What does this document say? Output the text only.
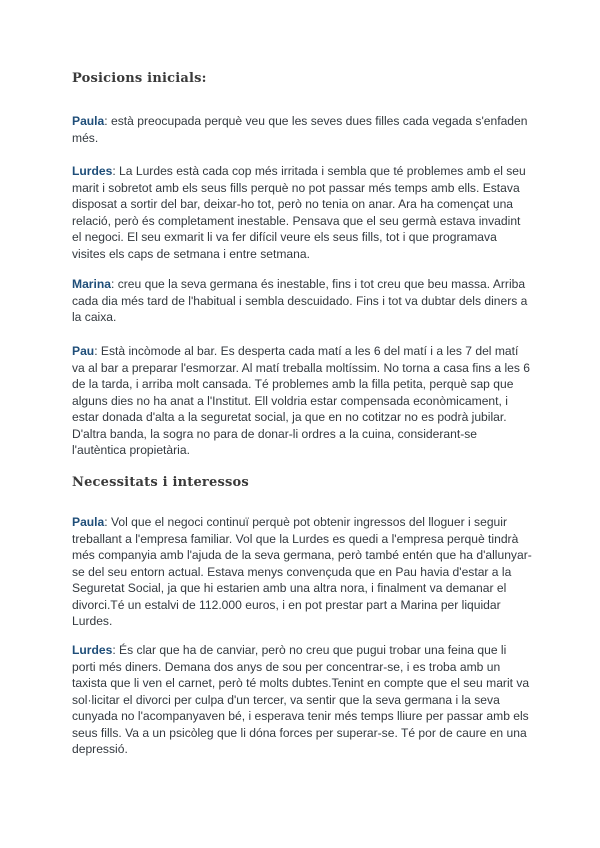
Posicions inicials:

Paula: està preocupada perquè veu que les seves dues filles cada vegada s'enfaden més.

Lurdes: La Lurdes està cada cop més irritada i sembla que té problemes amb el seu marit i sobretot amb els seus fills perquè no pot passar més temps amb ells. Estava disposat a sortir del bar, deixar-ho tot, però no tenia on anar. Ara ha començat una relació, però és completament inestable. Pensava que el seu germà estava invadint el negoci. El seu exmarit li va fer difícil veure els seus fills, tot i que programava visites els caps de setmana i entre setmana.

Marina: creu que la seva germana és inestable, fins i tot creu que beu massa. Arriba cada dia més tard de l'habitual i sembla descuidado. Fins i tot va dubtar dels diners a la caixa.

Pau: Està incòmode al bar. Es desperta cada matí a les 6 del matí i a les 7 del matí va al bar a preparar l'esmorzar. Al matí treballa moltíssim. No torna a casa fins a les 6 de la tarda, i arriba molt cansada. Té problemes amb la filla petita, perquè sap que alguns dies no ha anat a l'Institut. Ell voldria estar compensada econòmicament, i estar donada d'alta a la seguretat social, ja que en no cotitzar no es podrà jubilar. D'altra banda, la sogra no para de donar-li ordres a la cuina, considerant-se l'autèntica propietària.

Necessitats i interessos

Paula: Vol que el negoci continuï perquè pot obtenir ingressos del lloguer i seguir treballant a l'empresa familiar. Vol que la Lurdes es quedi a l'empresa perquè tindrà més companyia amb l'ajuda de la seva germana, però també entén que ha d'allunyar-se del seu entorn actual. Estava menys convençuda que en Pau havia d'estar a la Seguretat Social, ja que hi estarien amb una altra nora, i finalment va demanar el divorci.Té un estalvi de 112.000 euros, i en pot prestar part a Marina per liquidar Lurdes.

Lurdes: És clar que ha de canviar, però no creu que pugui trobar una feina que li porti més diners. Demana dos anys de sou per concentrar-se, i es troba amb un taxista que li ven el carnet, però té molts dubtes.Tenint en compte que el seu marit va sol·licitar el divorci per culpa d'un tercer, va sentir que la seva germana i la seva cunyada no l'acompanyaven bé, i esperava tenir més temps lliure per passar amb els seus fills. Va a un psicòleg que li dóna forces per superar-se. Té por de caure en una depressió.
